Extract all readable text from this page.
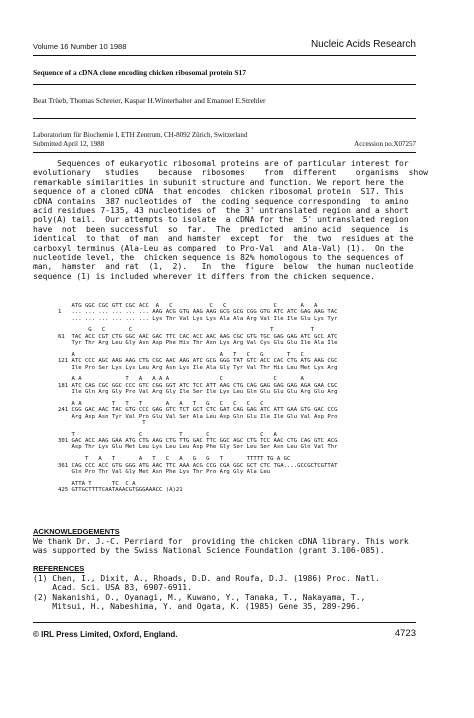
Volume 16 Number 10 1988	Nucleic Acids Research
Sequence of a cDNA clone encoding chicken ribosomal protein S17
Beat Trüeb, Thomas Schreier, Kaspar H.Winterhalter and Emanuel E.Strehler
Laboratorium für Biochemie I, ETH Zentrum, CH-8092 Zürich, Switzerland
Submitted April 12, 1988	Accession no.X07257
Sequences of eukaryotic ribosomal proteins are of particular interest for
evolutionary   studies    because  ribosomes    from  different    organisms  show
remarkable similarities in subunit structure and function. We report here the
sequence of a cloned cDNA  that encodes  chicken ribosomal protein  S17. This
cDNA contains  387 nucleotides of  the coding sequence corresponding  to amino
acid residues 7-135, 43 nucleotides of  the 3' untranslated region and a short
poly(A) tail.  Our attempts to isolate  a cDNA for the  5' untranslated region
have  not  been successful  so  far.  The  predicted  amino acid  sequence  is
identical  to that  of man  and hamster  except  for  the  two  residues at the
carboxyl terminus (Ala-Leu as compared  to Pro-Val  and Ala-Val) (1).  On the
nucleotide level, the  chicken sequence is 82% homologous to the sequences of
man,  hamster  and rat  (1,  2).   In  the  figure  below  the human nucleotide
sequence (1) is included wherever it differs from the chicken sequence.
ATG GGC CGC GTT CGC ACC  A   C           C   C              C       A   A
1   ... ... ... ... ... ... AAG ACG GTG AAG AAG GCG GCG CGG GTG ATC ATC GAG AAG TAC
... ... ... ... ... ... Lys Thr Val Lys Lys Ala Ala Arg Val Ile Ile Glu Lys Tyr
G   C       C                                         T           T
61  TAC ACC CGT CTG GGC AAC GAC TTC CAC ACC AAC AAG CGC GTG TGC GAG GAG ATC GCC ATC
Tyr Thr Arg Leu Gly Asn Asp Phe His Thr Asn Lys Arg Val Cys Glu Glu Ile Ala Ile
A                                           A   T   C   G       T   C
121 ATC CCC AGC AAG AAG CTG CGC AAC AAG ATC GCG GGG TAT GTC ACC CAC CTG ATG AAG CGC
Ile Pro Ser Lys Lys Leu Arg Asn Lys Ile Ala Gly Tyr Val Thr His Leu Met Lys Arg
A A             T   A   A A A               C               C       A
181 ATC CAG CGC GGC CCC GTC CGG GGT ATC TCC ATT AAG CTG CAG GAG GAG GAG AGA GAA CGC
Ile Gln Arg Gly Pro Val Arg Gly Ile Ser Ile Lys Leu Gln Glu Glu Glu Arg Glu Arg
A A         T   T   T       A   A   T   G   C   C   C   C
241 CGG GAC AAC TAC GTG CCC GAG GTC TCT GCT CTC GAT CAG GAG ATC ATT GAA GTG GAC CCG
Arg Asp Asn Tyr Val Pro Glu Val Ser Ala Leu Asp Gln Glu Ile Ile Glu Val Asp Pro
T
T                   C           T       C               C   A
301 GAC ACC AAG GAA ATG CTG AAG CTG TTG GAC TTC GGC AGC CTG TCC AAC CTG CAG GTC ACG
Asp Thr Lys Glu Met Leu Lys Leu Leu Asp Phe Gly Ser Leu Ser Asn Leu Gln Val Thr
T   A   T       A   T   C   A   G   G   T       TTTTT TG A GC
361 CAG CCC ACC GTG GGG ATG AAC TTC AAA ACG CCG CGA GGC GCT CTC TGA....GCCGCTCGTTAT
Gln Pro Thr Val Gly Met Asn Phe Lys Thr Pro Arg Gly Ala Leu
ATTA T      TC  C A
425 GTTGCTTTTCAATAAACGTGGGAAACC (A)21
ACKNOWLEDGEMENTS
We thank Dr. J.-C. Perriard for  providing the chicken cDNA library. This work
was supported by the Swiss National Science Foundation (grant 3.106-085).
REFERENCES
(1) Chen, I., Dixit, A., Rhoads, D.D. and Roufa, D.J. (1986) Proc. Natl.
Acad. Sci. USA 83, 6907-6911.
(2) Nakanishi, O., Oyanagi, M., Kuwano, Y., Tanaka, T., Nakayama, T.,
Mitsui, H., Nabeshima, Y. and Ogata, K. (1985) Gene 35, 289-296.
© IRL Press Limited, Oxford, England.	4723
